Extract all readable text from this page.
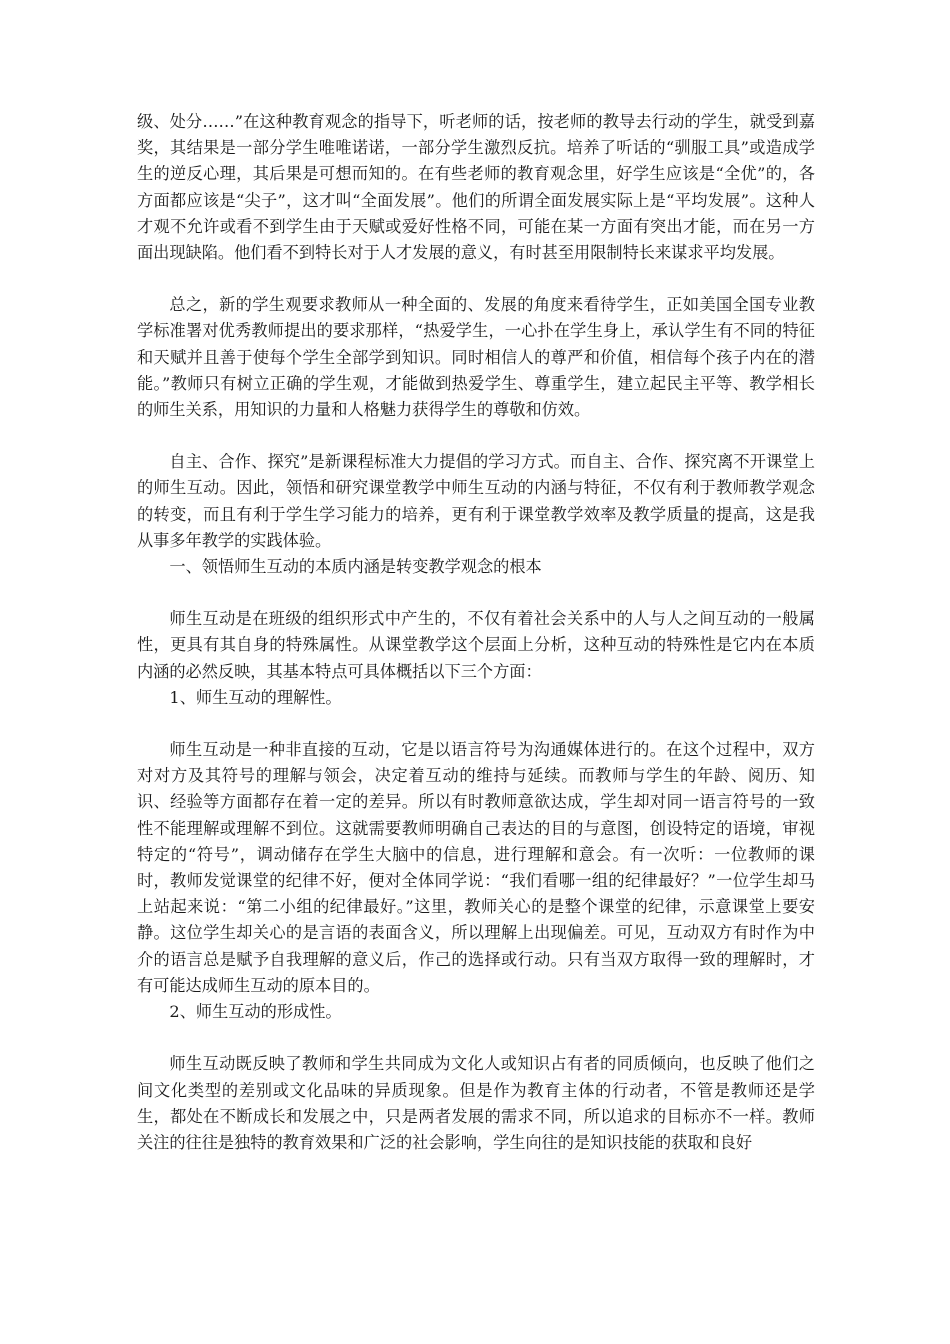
级、处分……”在这种教育观念的指导下，听老师的话，按老师的教导去行动的学生，就受到嘉奖，其结果是一部分学生唯唯诺诺，一部分学生激烈反抗。培养了听话的“驯服工具”或造成学生的逆反心理，其后果是可想而知的。在有些老师的教育观念里，好学生应该是“全优”的，各方面都应该是“尖子”，这才叫“全面发展”。他们的所谓全面发展实际上是“平均发展”。这种人才观不允许或看不到学生由于天赋或爱好性格不同，可能在某一方面有突出才能，而在另一方面出现缺陷。他们看不到特长对于人才发展的意义，有时甚至用限制特长来谋求平均发展。

总之，新的学生观要求教师从一种全面的、发展的角度来看待学生，正如美国全国专业教学标准署对优秀教师提出的要求那样，“热爱学生，一心扑在学生身上，承认学生有不同的特征和天赋并且善于使每个学生全部学到知识。同时相信人的尊严和价值，相信每个孩子内在的潜能。”教师只有树立正确的学生观，才能做到热爱学生、尊重学生，建立起民主平等、教学相长的师生关系，用知识的力量和人格魅力获得学生的尊敬和仿效。

自主、合作、探究”是新课程标准大力提倡的学习方式。而自主、合作、探究离不开课堂上的师生互动。因此，领悟和研究课堂教学中师生互动的内涵与特征，不仅有利于教师教学观念的转变，而且有利于学生学习能力的培养，更有利于课堂教学效率及教学质量的提高，这是我从事多年教学的实践体验。

一、领悟师生互动的本质内涵是转变教学观念的根本

师生互动是在班级的组织形式中产生的，不仅有着社会关系中的人与人之间互动的一般属性，更具有其自身的特殊属性。从课堂教学这个层面上分析，这种互动的特殊性是它内在本质内涵的必然反映，其基本特点可具体概括以下三个方面：

1、师生互动的理解性。

师生互动是一种非直接的互动，它是以语言符号为沟通媒体进行的。在这个过程中，双方对对方及其符号的理解与领会，决定着互动的维持与延续。而教师与学生的年龄、阅历、知识、经验等方面都存在着一定的差异。所以有时教师意欲达成，学生却对同一语言符号的一致性不能理解或理解不到位。这就需要教师明确自己表达的目的与意图，创设特定的语境，审视特定的“符号”，调动储存在学生大脑中的信息，进行理解和意会。有一次听：一位教师的课时，教师发觉课堂的纪律不好，便对全体同学说：“我们看哪一组的纪律最好？”一位学生却马上站起来说：“第二小组的纪律最好。”这里，教师关心的是整个课堂的纪律，示意课堂上要安静。这位学生却关心的是言语的表面含义，所以理解上出现偏差。可见，互动双方有时作为中介的语言总是赋予自我理解的意义后，作己的选择或行动。只有当双方取得一致的理解时，才有可能达成师生互动的原本目的。

2、师生互动的形成性。

师生互动既反映了教师和学生共同成为文化人或知识占有者的同质倾向，也反映了他们之间文化类型的差别或文化品味的异质现象。但是作为教育主体的行动者，不管是教师还是学生，都处在不断成长和发展之中，只是两者发展的需求不同，所以追求的目标亦不一样。教师关注的往往是独特的教育效果和广泛的社会影响，学生向往的是知识技能的获取和良好
